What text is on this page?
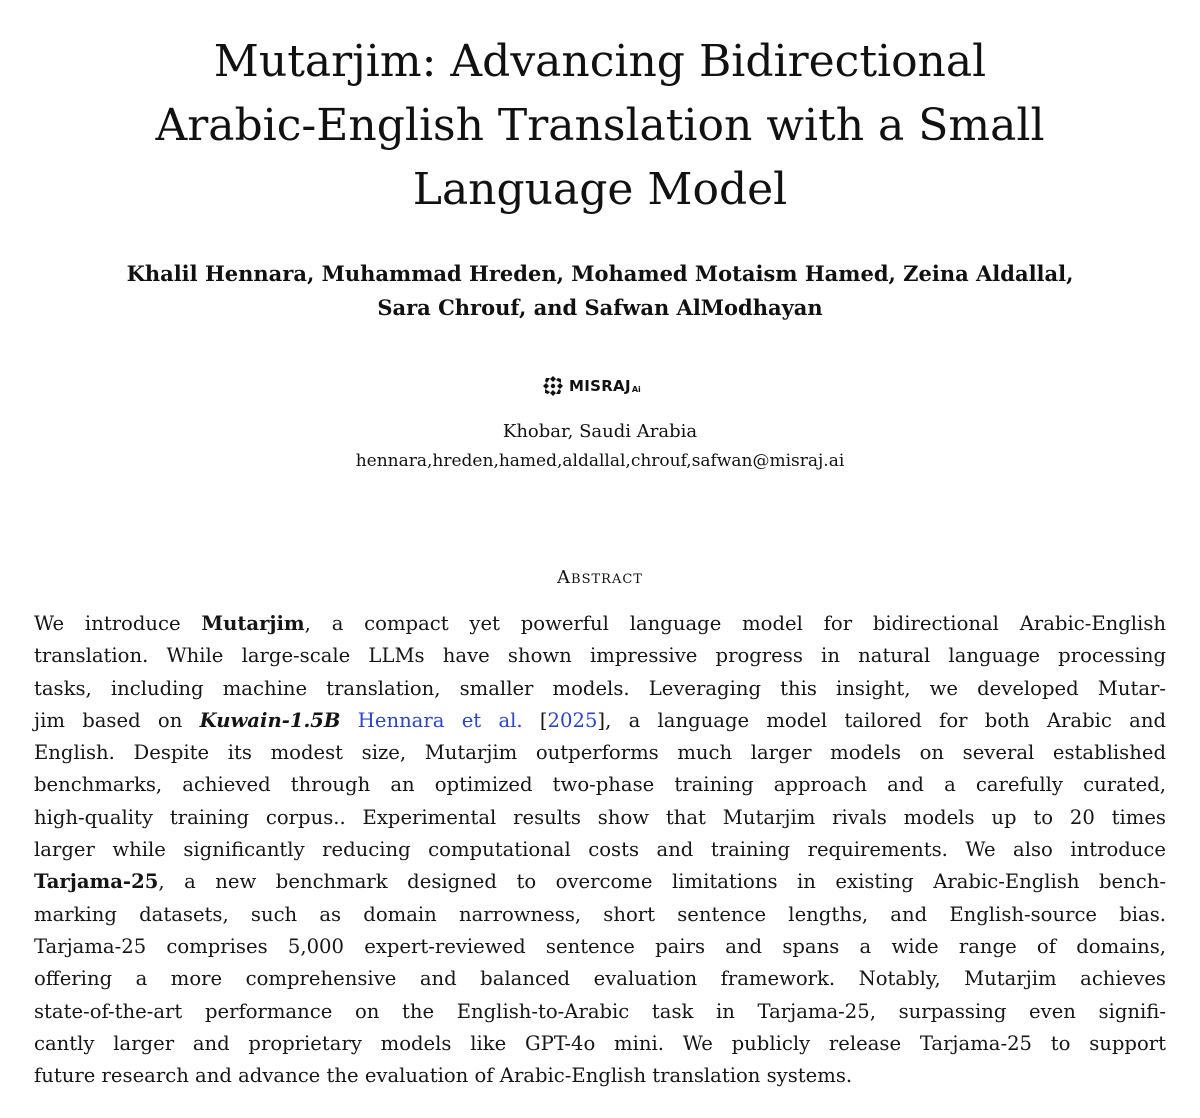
Mutarjim: Advancing Bidirectional
Arabic-English Translation with a Small
Language Model
Khalil Hennara, Muhammad Hreden, Mohamed Motaism Hamed, Zeina Aldallal,
Sara Chrouf, and Safwan AlModhayan
MISRAJ Ai
Khobar, Saudi Arabia
hennara,hreden,hamed,aldallal,chrouf,safwan@misraj.ai
Abstract
We introduce Mutarjim, a compact yet powerful language model for bidirectional Arabic-English
translation. While large-scale LLMs have shown impressive progress in natural language processing
tasks, including machine translation, smaller models. Leveraging this insight, we developed Mutar-
jim based on Kuwain-1.5B Hennara et al. [2025], a language model tailored for both Arabic and
English. Despite its modest size, Mutarjim outperforms much larger models on several established
benchmarks, achieved through an optimized two-phase training approach and a carefully curated,
high-quality training corpus.. Experimental results show that Mutarjim rivals models up to 20 times
larger while significantly reducing computational costs and training requirements. We also introduce
Tarjama-25, a new benchmark designed to overcome limitations in existing Arabic-English bench-
marking datasets, such as domain narrowness, short sentence lengths, and English-source bias.
Tarjama-25 comprises 5,000 expert-reviewed sentence pairs and spans a wide range of domains,
offering a more comprehensive and balanced evaluation framework. Notably, Mutarjim achieves
state-of-the-art performance on the English-to-Arabic task in Tarjama-25, surpassing even signifi-
cantly larger and proprietary models like GPT-4o mini. We publicly release Tarjama-25 to support
future research and advance the evaluation of Arabic-English translation systems.
